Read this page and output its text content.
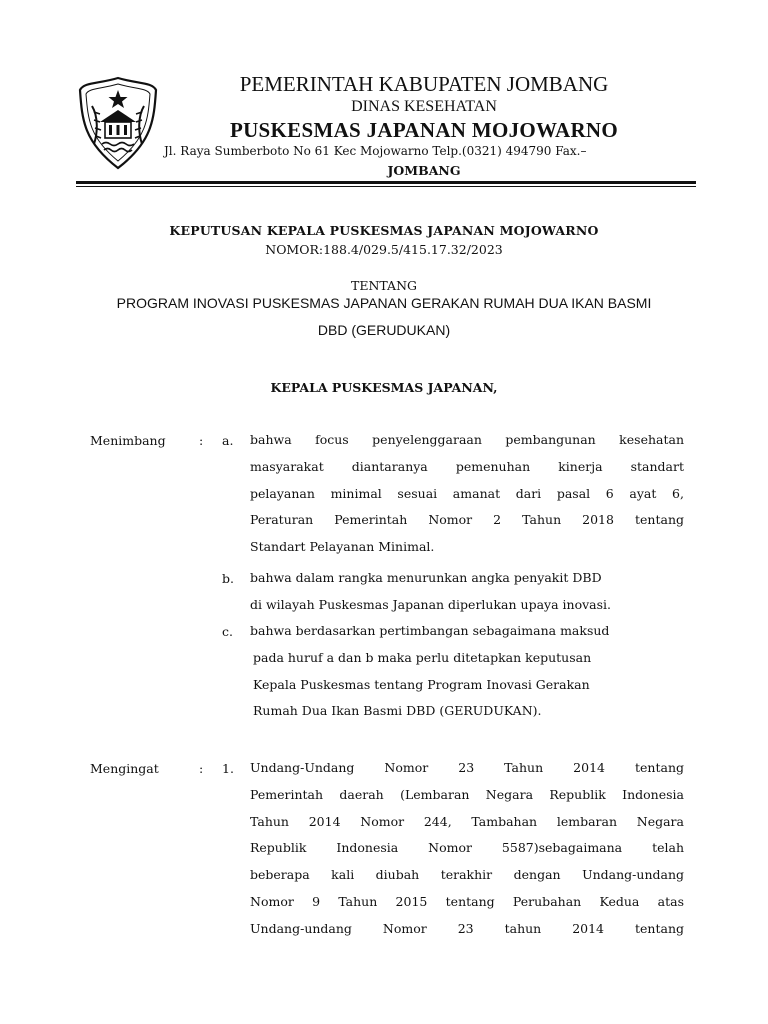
PEMERINTAH KABUPATEN JOMBANG
DINAS KESEHATAN
PUSKESMAS JAPANAN MOJOWARNO
Jl. Raya Sumberboto No 61 Kec Mojowarno Telp.(0321) 494790 Fax.–
JOMBANG
KEPUTUSAN KEPALA PUSKESMAS JAPANAN MOJOWARNO
NOMOR:188.4/029.5/415.17.32/2023
TENTANG
PROGRAM INOVASI PUSKESMAS JAPANAN GERAKAN RUMAH DUA IKAN BASMI
DBD (GERUDUKAN)
KEPALA PUSKESMAS JAPANAN,
Menimbang	: a. bahwa focus penyelenggaraan pembangunan kesehatan
masyarakat diantaranya pemenuhan kinerja standart
pelayanan minimal sesuai amanat dari pasal 6 ayat 6,
Peraturan Pemerintah Nomor 2 Tahun 2018 tentang
Standart Pelayanan Minimal.
b. bahwa dalam rangka menurunkan angka penyakit DBD
di wilayah Puskesmas Japanan diperlukan upaya inovasi.
c. bahwa berdasarkan pertimbangan sebagaimana maksud
pada huruf a dan b maka perlu ditetapkan keputusan
Kepala Puskesmas tentang Program Inovasi Gerakan
Rumah Dua Ikan Basmi DBD (GERUDUKAN).
Mengingat	: 1. Undang-Undang Nomor 23 Tahun 2014 tentang
Pemerintah daerah (Lembaran Negara Republik Indonesia
Tahun 2014 Nomor 244, Tambahan lembaran Negara
Republik Indonesia Nomor 5587)sebagaimana telah
beberapa kali diubah terakhir dengan Undang-undang
Nomor 9 Tahun 2015 tentang Perubahan Kedua atas
Undang-undang Nomor 23 tahun 2014 tentang
